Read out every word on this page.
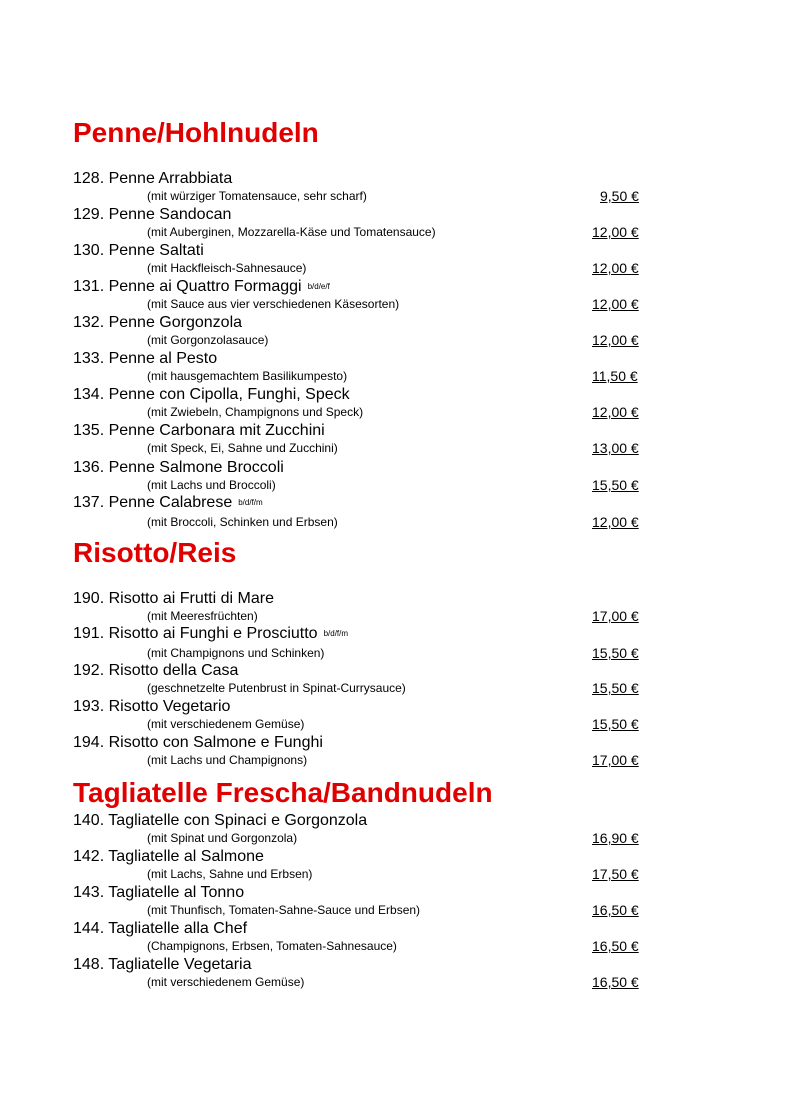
Penne/Hohlnudeln
128. Penne Arrabbiata
(mit würziger Tomatensauce, sehr scharf)	9,50 €
129. Penne Sandocan
(mit Auberginen, Mozzarella-Käse und Tomatensauce)	12,00 €
130. Penne Saltati
(mit Hackfleisch-Sahnesauce)	12,00 €
131. Penne ai Quattro Formaggi b/d/e/f
(mit Sauce aus vier verschiedenen Käsesorten)	12,00 €
132. Penne Gorgonzola
(mit Gorgonzolasauce)	12,00 €
133. Penne al Pesto
(mit hausgemachtem Basilikumpesto)	11,50 €
134. Penne con Cipolla, Funghi, Speck
(mit Zwiebeln, Champignons und Speck)	12,00 €
135. Penne Carbonara mit Zucchini
(mit Speck, Ei, Sahne und Zucchini)	13,00 €
136. Penne Salmone Broccoli
(mit Lachs und Broccoli)	15,50 €
137. Penne Calabrese b/d/f/m
(mit Broccoli, Schinken und Erbsen)	12,00 €
Risotto/Reis
190. Risotto ai Frutti di Mare
(mit Meeresfrüchten)	17,00 €
191. Risotto ai Funghi e Prosciutto b/d/f/m
(mit Champignons und Schinken)	15,50 €
192. Risotto della Casa
(geschnetzelte Putenbrust in Spinat-Currysauce)	15,50 €
193. Risotto Vegetario
(mit verschiedenem Gemüse)	15,50 €
194. Risotto con Salmone e Funghi
(mit Lachs und Champignons)	17,00 €
Tagliatelle Frescha/Bandnudeln
140. Tagliatelle con Spinaci e Gorgonzola
(mit Spinat und Gorgonzola)	16,90 €
142. Tagliatelle al Salmone
(mit Lachs, Sahne und Erbsen)	17,50 €
143. Tagliatelle al Tonno
(mit Thunfisch, Tomaten-Sahne-Sauce und Erbsen)	16,50 €
144. Tagliatelle alla Chef
(Champignons, Erbsen, Tomaten-Sahnesauce)	16,50 €
148. Tagliatelle Vegetaria
(mit verschiedenem Gemüse)	16,50 €
